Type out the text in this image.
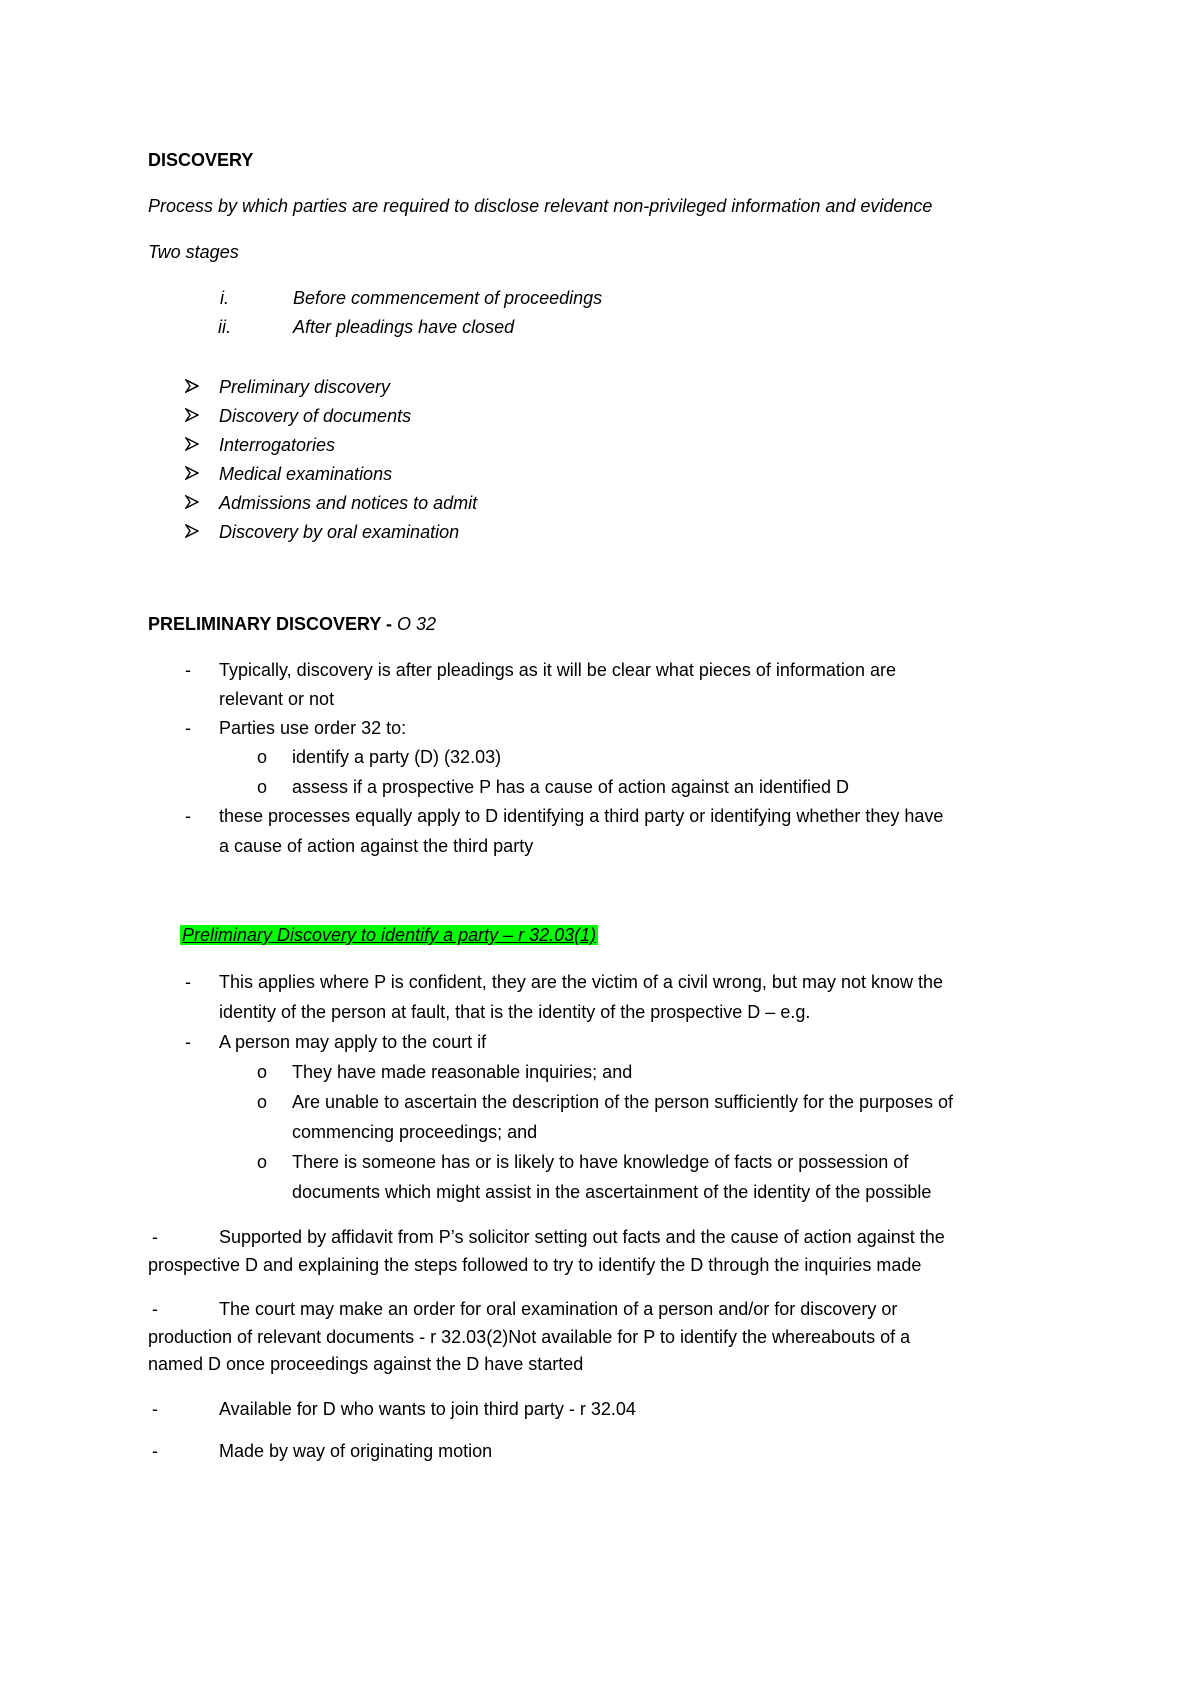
DISCOVERY
Process by which parties are required to disclose relevant non-privileged information and evidence
Two stages
i.	Before commencement of proceedings
ii.	After pleadings have closed
Preliminary discovery
Discovery of documents
Interrogatories
Medical examinations
Admissions and notices to admit
Discovery by oral examination
PRELIMINARY DISCOVERY - O 32
- Typically, discovery is after pleadings as it will be clear what pieces of information are
relevant or not
- Parties use order 32 to:
o identify a party (D) (32.03)
o assess if a prospective P has a cause of action against an identified D
- these processes equally apply to D identifying a third party or identifying whether they have
a cause of action against the third party
Preliminary Discovery to identify a party – r 32.03(1)
- This applies where P is confident, they are the victim of a civil wrong, but may not know the
identity of the person at fault, that is the identity of the prospective D – e.g.
- A person may apply to the court if
o They have made reasonable inquiries; and
o Are unable to ascertain the description of the person sufficiently for the purposes of
commencing proceedings; and
o There is someone has or is likely to have knowledge of facts or possession of
documents which might assist in the ascertainment of the identity of the possible
-	Supported by affidavit from P’s solicitor setting out facts and the cause of action against the
prospective D and explaining the steps followed to try to identify the D through the inquiries made
-	The court may make an order for oral examination of a person and/or for discovery or
production of relevant documents - r 32.03(2)Not available for P to identify the whereabouts of a
named D once proceedings against the D have started
-	Available for D who wants to join third party - r 32.04
-	Made by way of originating motion
